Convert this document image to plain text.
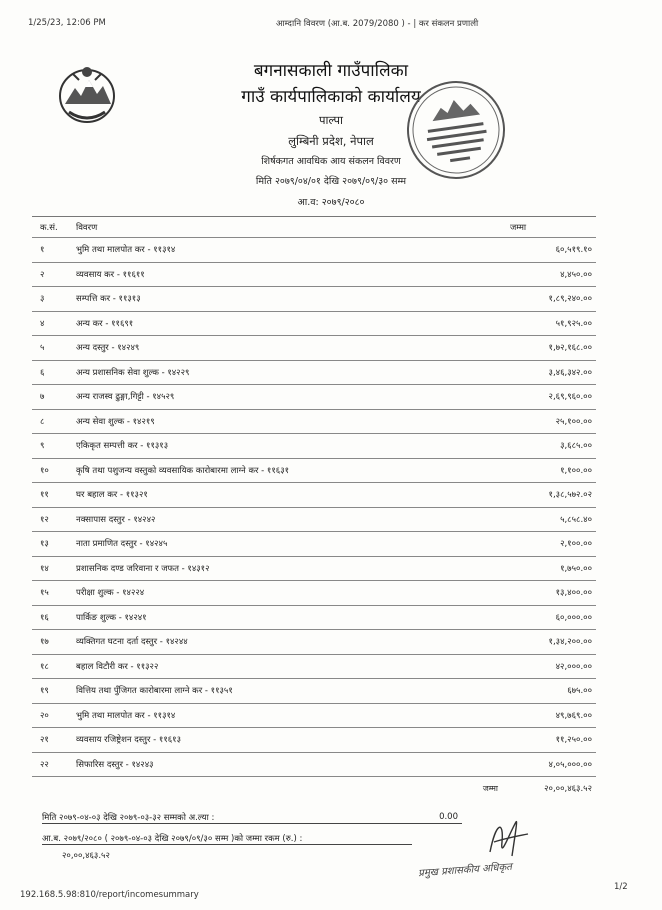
1/25/23, 12:06 PM	आम्दानि विवरण (आ.ब. 2079/2080 ) - | कर संकलन प्रणाली
बगनासकाली गाउँपालिका
गाउँ कार्यपालिकाको कार्यालय
पाल्पा
लुम्बिनी प्रदेश, नेपाल
शिर्षकगत आवधिक आय संकलन विवरण
मिति २०७९/०४/०१ देखि २०७९/०९/३० सम्म
आ.व: २०७९/२०८०
क.सं.	विवरण	जम्मा
१	भुमि तथा मालपोत कर - ११३१४	६०,५१९.१०
२	व्यवसाय कर - ११६११	४,४५०.००
३	सम्पत्ति कर - ११३१३	१,८९,२४०.००
४	अन्य कर - ११६९१	५१,९२५.००
५	अन्य दस्तुर - १४२४९	१,७२,१६८.००
६	अन्य प्रशासनिक सेवा शुल्क - १४२२९	३,४६,३४२.००
७	अन्य राजस्व ढुङ्गा,गिट्टी - १४५२९	२,६९,९६०.००
८	अन्य सेवा शुल्क - १४२१९	२५,१००.००
९	एकिकृत सम्पत्ती कर - ११३१३	३,६८५.००
१०	कृषि तथा पशुजन्य वस्तुको व्यवसायिक कारोबारमा लाग्ने कर - ११६३१	१,१००.००
११	घर बहाल कर - ११३२१	१,३८,५७२.०२
१२	नक्सापास दस्तुर - १४२४२	५,८५८.४०
१३	नाता प्रमाणित दस्तुर - १४२४५	२,१००.००
१४	प्रशासनिक दण्ड जरिवाना र जफत - १४३१२	१,७५०.००
१५	परीक्षा शुल्क - १४२२४	१३,४००.००
१६	पार्किङ शुल्क - १४२४१	६०,०००.००
१७	व्यक्तिगत घटना दर्ता दस्तुर - १४२४४	१,३४,२००.००
१८	बहाल विटौरी कर - ११३२२	४२,०००.००
१९	वित्तिय तथा पुँजिगत कारोबारमा लाग्ने कर - ११३५१	६७५.००
२०	भुमि तथा मालपोत कर - ११३१४	४९,७६९.००
२१	व्यवसाय रजिष्ट्रेशन दस्तुर - ११६१३	११,२५०.००
२२	सिफारिस दस्तुर - १४२४३	४,०५,०००.००
	जम्मा	२०,००,४६३.५२
मिति २०७९-०४-०३ देखि २०७९-०३-३२ सम्मको अ.ल्या :	0.00
आ.ब. २०७९/२०८० ( २०७९-०४-०३ देखि २०७९/०९/३० सम्म )को जम्मा रकम (रु.) :
२०,००,४६३.५२
प्रमुख प्रशासकीय अधिकृत
192.168.5.98:810/report/incomesummary
1/2
